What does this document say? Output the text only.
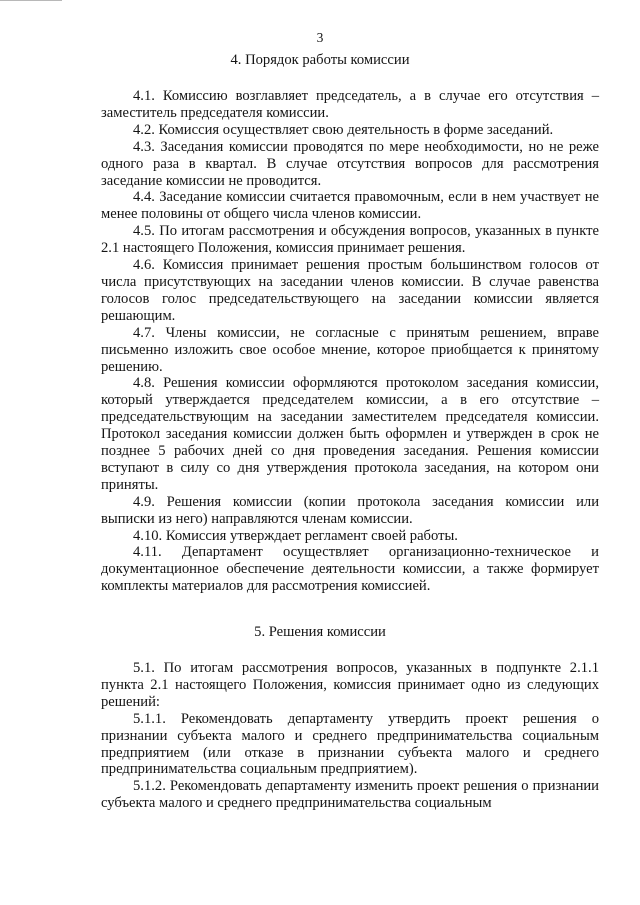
3
4. Порядок работы комиссии

4.1. Комиссию возглавляет председатель, а в случае его отсутствия – заместитель председателя комиссии.

4.2. Комиссия осуществляет свою деятельность в форме заседаний.

4.3. Заседания комиссии проводятся по мере необходимости, но не реже одного раза в квартал. В случае отсутствия вопросов для рассмотрения заседание комиссии не проводится.

4.4. Заседание комиссии считается правомочным, если в нем участвует не менее половины от общего числа членов комиссии.

4.5. По итогам рассмотрения и обсуждения вопросов, указанных в пункте 2.1 настоящего Положения, комиссия принимает решения.

4.6. Комиссия принимает решения простым большинством голосов от числа присутствующих на заседании членов комиссии. В случае равенства голосов голос председательствующего на заседании комиссии является решающим.

4.7. Члены комиссии, не согласные с принятым решением, вправе письменно изложить свое особое мнение, которое приобщается к принятому решению.

4.8. Решения комиссии оформляются протоколом заседания комиссии, который утверждается председателем комиссии, а в его отсутствие – председательствующим на заседании заместителем председателя комиссии. Протокол заседания комиссии должен быть оформлен и утвержден в срок не позднее 5 рабочих дней со дня проведения заседания. Решения комиссии вступают в силу со дня утверждения протокола заседания, на котором они приняты.

4.9. Решения комиссии (копии протокола заседания комиссии или выписки из него) направляются членам комиссии.

4.10. Комиссия утверждает регламент своей работы.

4.11. Департамент осуществляет организационно-техническое и документационное обеспечение деятельности комиссии, а также формирует комплекты материалов для рассмотрения комиссией.

5. Решения комиссии

5.1. По итогам рассмотрения вопросов, указанных в подпункте 2.1.1 пункта 2.1 настоящего Положения, комиссия принимает одно из следующих решений:

5.1.1. Рекомендовать департаменту утвердить проект решения о признании субъекта малого и среднего предпринимательства социальным предприятием (или отказе в признании субъекта малого и среднего предпринимательства социальным предприятием).

5.1.2. Рекомендовать департаменту изменить проект решения о признании субъекта малого и среднего предпринимательства социальным
